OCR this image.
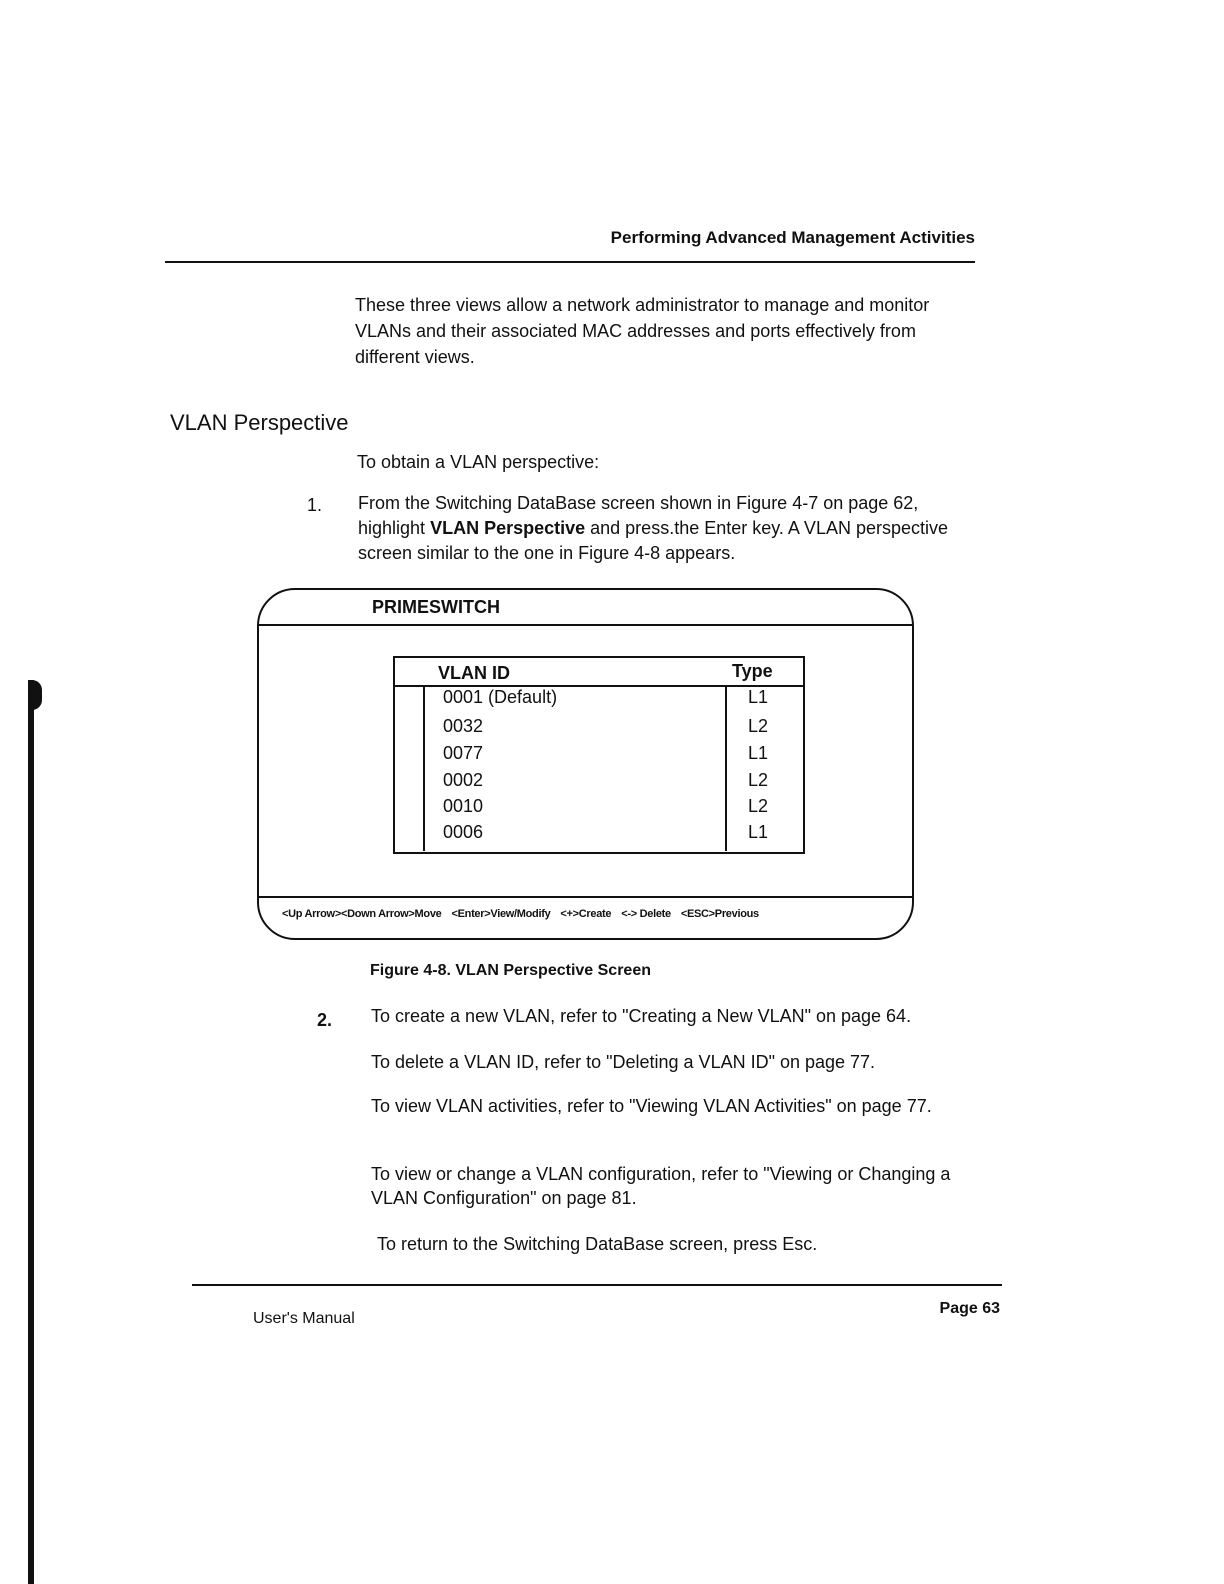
Performing Advanced Management Activities
These three views allow a network administrator to manage and monitor VLANs and their associated MAC addresses and ports effectively from different views.
VLAN Perspective
To obtain a VLAN perspective:
1. From the Switching DataBase screen shown in Figure 4-7 on page 62, highlight VLAN Perspective and press.the Enter key. A VLAN perspective screen similar to the one in Figure 4-8 appears.
PRIMESWITCH
VLAN ID	Type
0001 (Default)	L1
0032	L2
0077	L1
0002	L2
0010	L2
0006	L1
<Up Arrow><Down Arrow>Move <Enter>View/Modify <+>Create <-> Delete <ESC>Previous
Figure 4-8. VLAN Perspective Screen
2. To create a new VLAN, refer to "Creating a New VLAN" on page 64.
To delete a VLAN ID, refer to "Deleting a VLAN ID" on page 77.
To view VLAN activities, refer to "Viewing VLAN Activities" on page 77.
To view or change a VLAN configuration, refer to "Viewing or Changing a VLAN Configuration" on page 81.
To return to the Switching DataBase screen, press Esc.
User's Manual
Page 63
